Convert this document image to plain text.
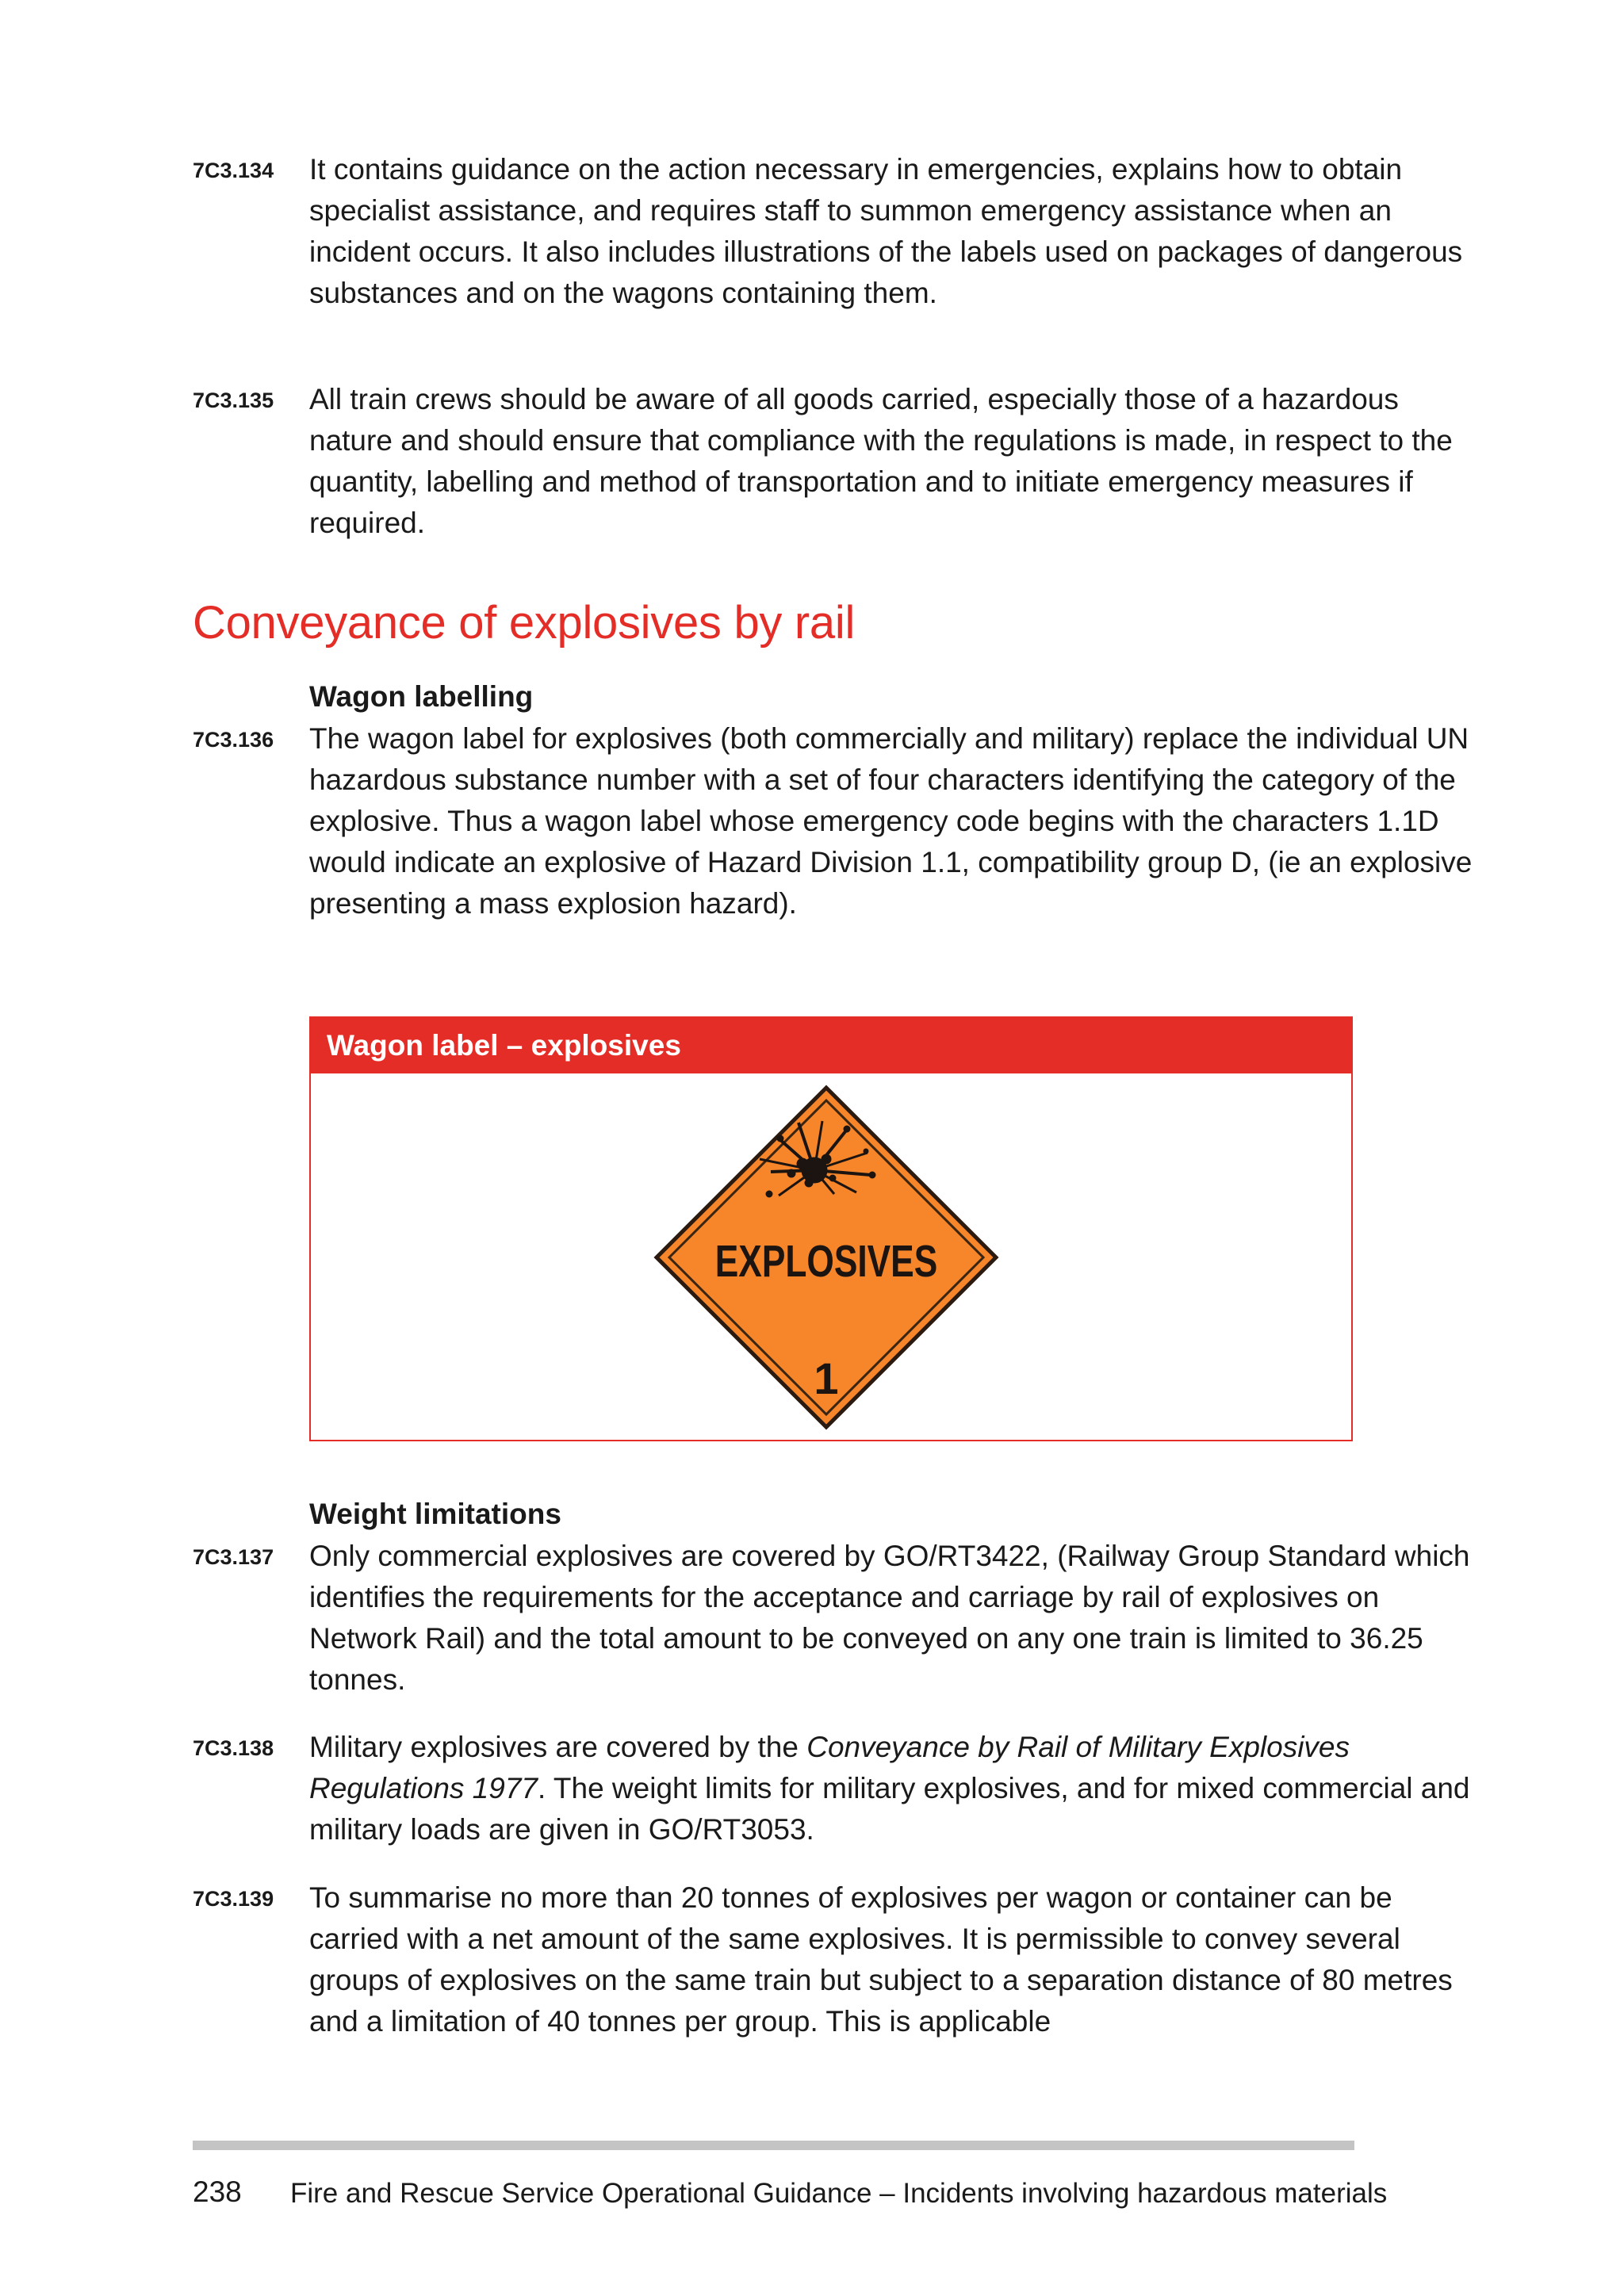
7C3.134	It contains guidance on the action necessary in emergencies, explains how to obtain specialist assistance, and requires staff to summon emergency assistance when an incident occurs. It also includes illustrations of the labels used on packages of dangerous substances and on the wagons containing them.
7C3.135	All train crews should be aware of all goods carried, especially those of a hazardous nature and should ensure that compliance with the regulations is made, in respect to the quantity, labelling and method of transportation and to initiate emergency measures if required.
Conveyance of explosives by rail
Wagon labelling
7C3.136	The wagon label for explosives (both commercially and military) replace the individual UN hazardous substance number with a set of four characters identifying the category of the explosive. Thus a wagon label whose emergency code begins with the characters 1.1D would indicate an explosive of Hazard Division 1.1, compatibility group D, (ie an explosive presenting a mass explosion hazard).
Wagon label – explosives
EXPLOSIVES
1
Weight limitations
7C3.137	Only commercial explosives are covered by GO/RT3422, (Railway Group Standard which identifies the requirements for the acceptance and carriage by rail of explosives on Network Rail) and the total amount to be conveyed on any one train is limited to 36.25 tonnes.
7C3.138	Military explosives are covered by the Conveyance by Rail of Military Explosives Regulations 1977. The weight limits for military explosives, and for mixed commercial and military loads are given in GO/RT3053.
7C3.139	To summarise no more than 20 tonnes of explosives per wagon or container can be carried with a net amount of the same explosives. It is permissible to convey several groups of explosives on the same train but subject to a separation distance of 80 metres and a limitation of 40 tonnes per group. This is applicable
238 Fire and Rescue Service Operational Guidance – Incidents involving hazardous materials
